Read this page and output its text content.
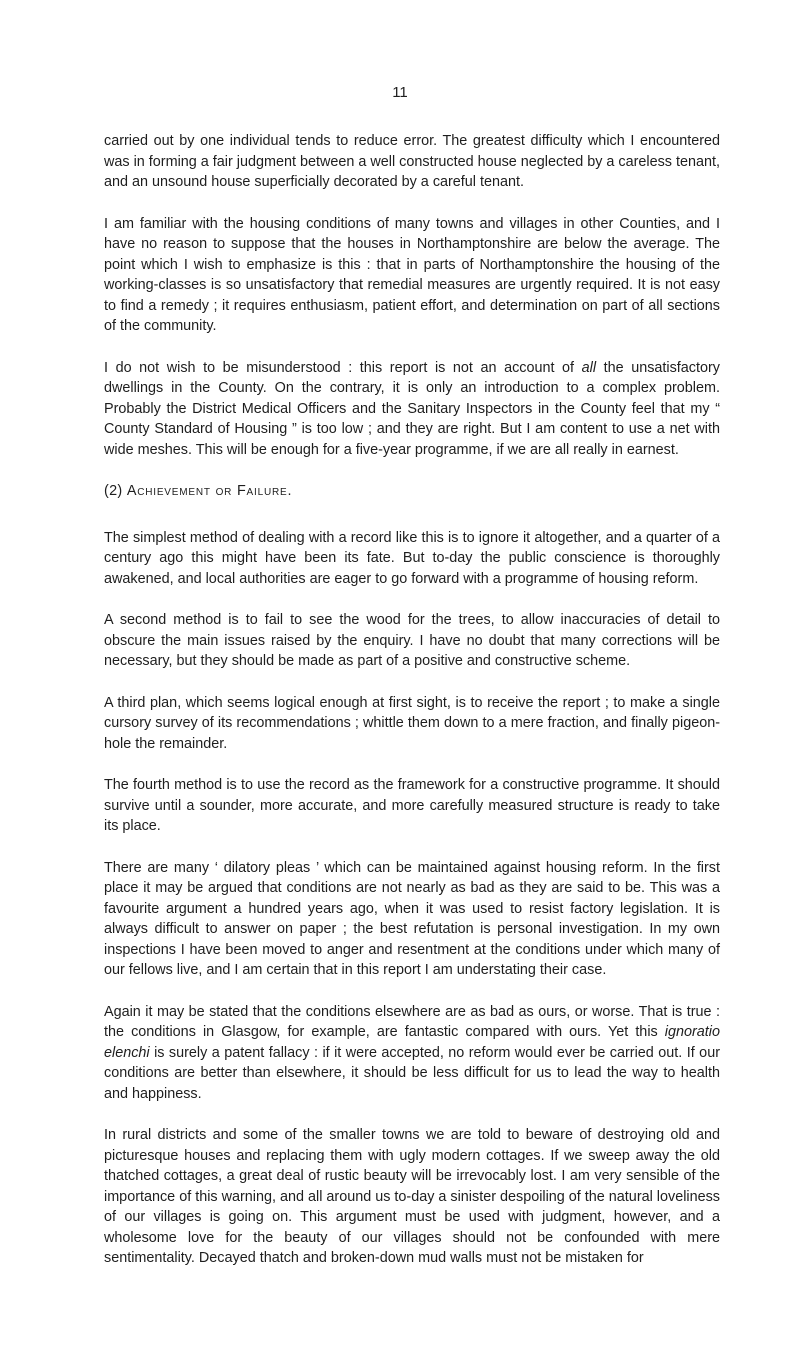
11

carried out by one individual tends to reduce error. The greatest difficulty which I encountered was in forming a fair judgment between a well constructed house neglected by a careless tenant, and an unsound house superficially decorated by a careful tenant.

I am familiar with the housing conditions of many towns and villages in other Counties, and I have no reason to suppose that the houses in Northamptonshire are below the average. The point which I wish to emphasize is this : that in parts of Northamptonshire the housing of the working-classes is so unsatisfactory that remedial measures are urgently required. It is not easy to find a remedy ; it requires enthusiasm, patient effort, and determination on part of all sections of the community.

I do not wish to be misunderstood : this report is not an account of all the unsatisfactory dwellings in the County. On the contrary, it is only an introduction to a complex problem. Probably the District Medical Officers and the Sanitary Inspectors in the County feel that my “ County Standard of Housing ” is too low ; and they are right. But I am content to use a net with wide meshes. This will be enough for a five-year programme, if we are all really in earnest.

(2) Achievement or Failure.

The simplest method of dealing with a record like this is to ignore it altogether, and a quarter of a century ago this might have been its fate. But to-day the public conscience is thoroughly awakened, and local authorities are eager to go forward with a programme of housing reform.

A second method is to fail to see the wood for the trees, to allow inaccuracies of detail to obscure the main issues raised by the enquiry. I have no doubt that many corrections will be necessary, but they should be made as part of a positive and constructive scheme.

A third plan, which seems logical enough at first sight, is to receive the report ; to make a single cursory survey of its recommendations ; whittle them down to a mere fraction, and finally pigeon-hole the remainder.

The fourth method is to use the record as the framework for a constructive programme. It should survive until a sounder, more accurate, and more carefully measured structure is ready to take its place.

There are many ‘ dilatory pleas ’ which can be maintained against housing reform. In the first place it may be argued that conditions are not nearly as bad as they are said to be. This was a favourite argument a hundred years ago, when it was used to resist factory legislation. It is always difficult to answer on paper ; the best refutation is personal investigation. In my own inspections I have been moved to anger and resentment at the conditions under which many of our fellows live, and I am certain that in this report I am understating their case.

Again it may be stated that the conditions elsewhere are as bad as ours, or worse. That is true : the conditions in Glasgow, for example, are fantastic compared with ours. Yet this ignoratio elenchi is surely a patent fallacy : if it were accepted, no reform would ever be carried out. If our conditions are better than elsewhere, it should be less difficult for us to lead the way to health and happiness.

In rural districts and some of the smaller towns we are told to beware of destroying old and picturesque houses and replacing them with ugly modern cottages. If we sweep away the old thatched cottages, a great deal of rustic beauty will be irrevocably lost. I am very sensible of the importance of this warning, and all around us to-day a sinister despoiling of the natural loveliness of our villages is going on. This argument must be used with judgment, however, and a wholesome love for the beauty of our villages should not be confounded with mere sentimentality. Decayed thatch and broken-down mud walls must not be mistaken for
